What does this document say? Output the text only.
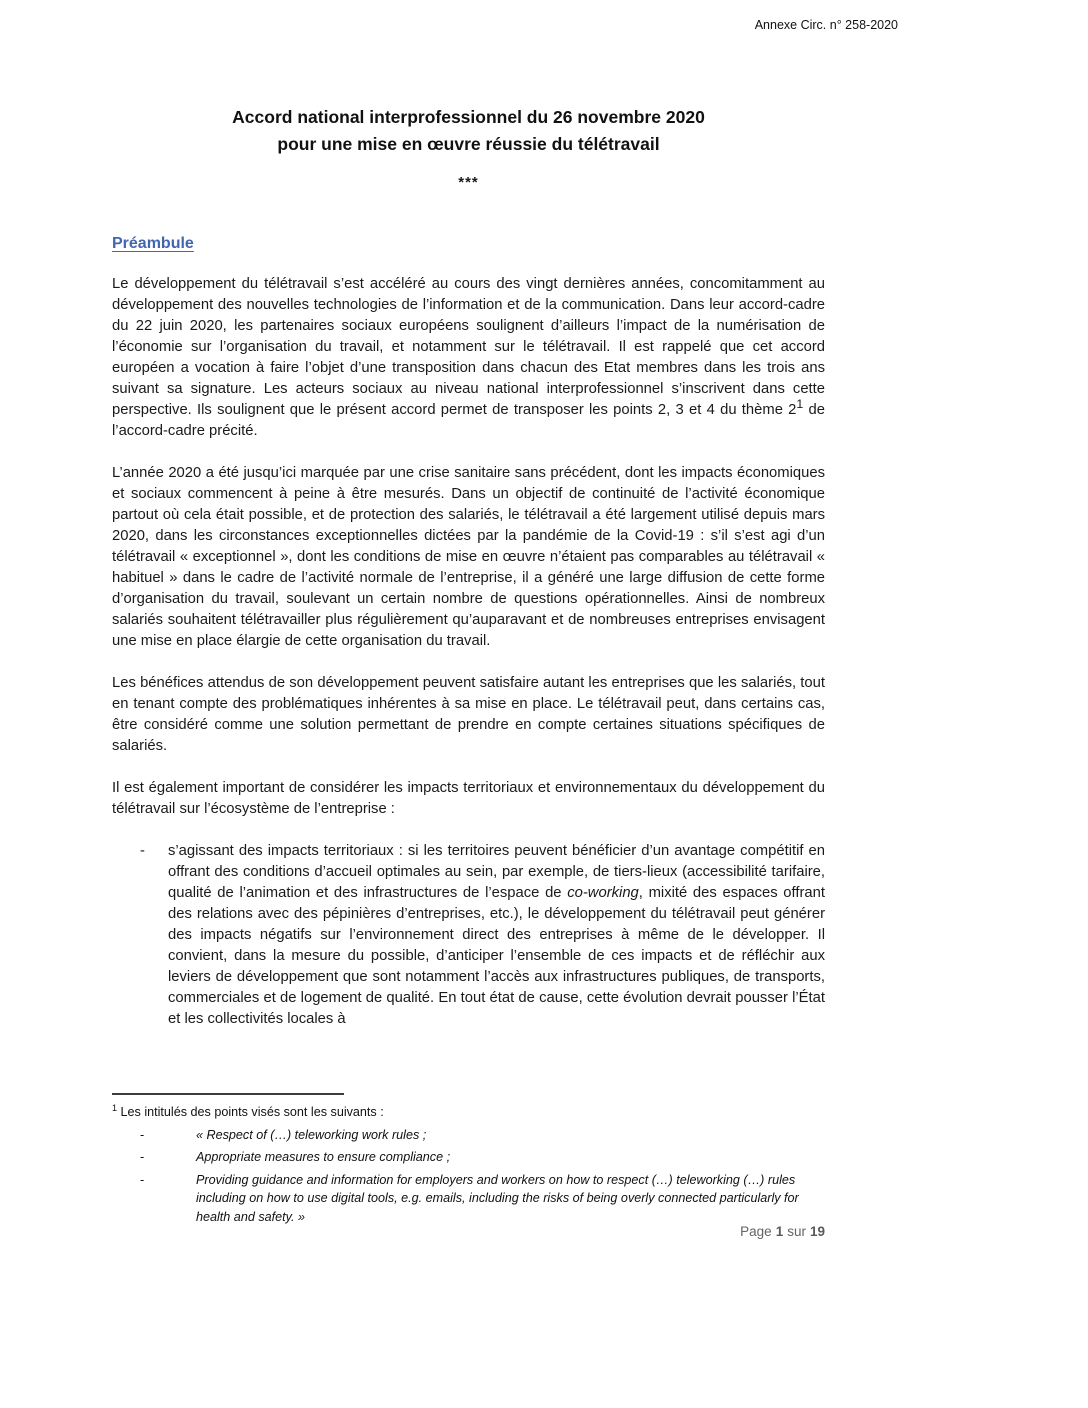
Annexe Circ. n° 258-2020
Accord national interprofessionnel du 26 novembre 2020
pour une mise en œuvre réussie du télétravail
***
Préambule

Le développement du télétravail s’est accéléré au cours des vingt dernières années, concomitamment au développement des nouvelles technologies de l’information et de la communication. Dans leur accord-cadre du 22 juin 2020, les partenaires sociaux européens soulignent d’ailleurs l’impact de la numérisation de l’économie sur l’organisation du travail, et notamment sur le télétravail. Il est rappelé que cet accord européen a vocation à faire l’objet d’une transposition dans chacun des Etat membres dans les trois ans suivant sa signature. Les acteurs sociaux au niveau national interprofessionnel s’inscrivent dans cette perspective. Ils soulignent que le présent accord permet de transposer les points 2, 3 et 4 du thème $2^1$ de l’accord-cadre précité.

L’année 2020 a été jusqu’ici marquée par une crise sanitaire sans précédent, dont les impacts économiques et sociaux commencent à peine à être mesurés. Dans un objectif de continuité de l’activité économique partout où cela était possible, et de protection des salariés, le télétravail a été largement utilisé depuis mars 2020, dans les circonstances exceptionnelles dictées par la pandémie de la Covid-19 : s’il s’est agi d’un télétravail « exceptionnel », dont les conditions de mise en œuvre n’étaient pas comparables au télétravail « habituel » dans le cadre de l’activité normale de l’entreprise, il a généré une large diffusion de cette forme d’organisation du travail, soulevant un certain nombre de questions opérationnelles. Ainsi de nombreux salariés souhaitent télétravailler plus régulièrement qu’auparavant et de nombreuses entreprises envisagent une mise en place élargie de cette organisation du travail.

Les bénéfices attendus de son développement peuvent satisfaire autant les entreprises que les salariés, tout en tenant compte des problématiques inhérentes à sa mise en place. Le télétravail peut, dans certains cas, être considéré comme une solution permettant de prendre en compte certaines situations spécifiques de salariés.

Il est également important de considérer les impacts territoriaux et environnementaux du développement du télétravail sur l’écosystème de l’entreprise :

- s’agissant des impacts territoriaux : si les territoires peuvent bénéficier d’un avantage compétitif en offrant des conditions d’accueil optimales au sein, par exemple, de tiers-lieux (accessibilité tarifaire, qualité de l’animation et des infrastructures de l’espace de co-working, mixité des espaces offrant des relations avec des pépinières d’entreprises, etc.), le développement du télétravail peut générer des impacts négatifs sur l’environnement direct des entreprises à même de le développer. Il convient, dans la mesure du possible, d’anticiper l’ensemble de ces impacts et de réfléchir aux leviers de développement que sont notamment l’accès aux infrastructures publiques, de transports, commerciales et de logement de qualité. En tout état de cause, cette évolution devrait pousser l’État et les collectivités locales à
$^1$ Les intitulés des points visés sont les suivants :
-	« Respect of (…) teleworking work rules ;
-	Appropriate measures to ensure compliance ;
-	Providing guidance and information for employers and workers on how to respect (…) teleworking (…) rules including on how to use digital tools, e.g. emails, including the risks of being overly connected particularly for health and safety. »
Page 1 sur 19
